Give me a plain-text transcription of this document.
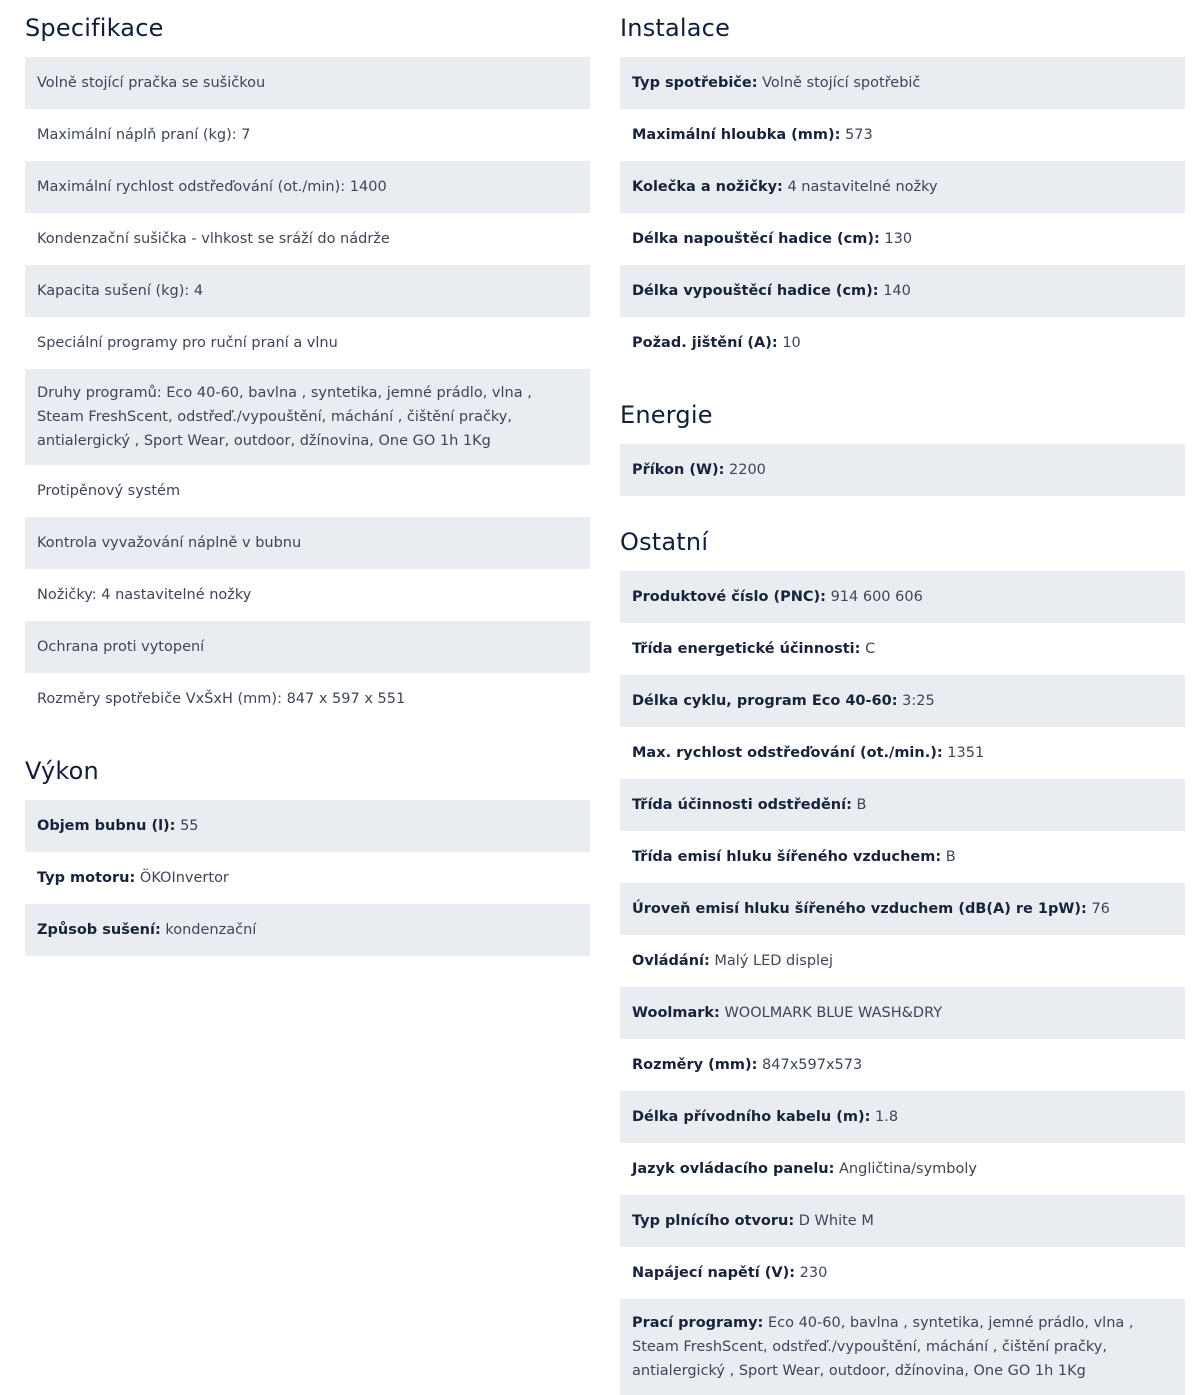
Specifikace
Volně stojící pračka se sušičkou
Maximální náplň praní (kg): 7
Maximální rychlost odstřeďování (ot./min): 1400
Kondenzační sušička - vlhkost se sráží do nádrže
Kapacita sušení (kg): 4
Speciální programy pro ruční praní a vlnu
Druhy programů: Eco 40-60, bavlna , syntetika, jemné prádlo, vlna , Steam FreshScent, odstřeď./vypouštění, máchání , čištění pračky, antialergický , Sport Wear, outdoor, džínovina, One GO 1h 1Kg
Protipěnový systém
Kontrola vyvažování náplně v bubnu
Nožičky: 4 nastavitelné nožky
Ochrana proti vytopení
Rozměry spotřebiče VxŠxH (mm): 847 x 597 x 551
Výkon
Objem bubnu (l): 55
Typ motoru: ÖKOInvertor
Způsob sušení: kondenzační
Instalace
Typ spotřebiče: Volně stojící spotřebič
Maximální hloubka (mm): 573
Kolečka a nožičky: 4 nastavitelné nožky
Délka napouštěcí hadice (cm): 130
Délka vypouštěcí hadice (cm): 140
Požad. jištění (A): 10
Energie
Příkon (W): 2200
Ostatní
Produktové číslo (PNC): 914 600 606
Třída energetické účinnosti: C
Délka cyklu, program Eco 40-60: 3:25
Max. rychlost odstřeďování (ot./min.): 1351
Třída účinnosti odstředění: B
Třída emisí hluku šířeného vzduchem: B
Úroveň emisí hluku šířeného vzduchem (dB(A) re 1pW): 76
Ovládání: Malý LED displej
Woolmark: WOOLMARK BLUE WASH&DRY
Rozměry (mm): 847x597x573
Délka přívodního kabelu (m): 1.8
Jazyk ovládacího panelu: Angličtina/symboly
Typ plnícího otvoru: D White M
Napájecí napětí (V): 230
Prací programy: Eco 40-60, bavlna , syntetika, jemné prádlo, vlna , Steam FreshScent, odstřeď./vypouštění, máchání , čištění pračky, antialergický , Sport Wear, outdoor, džínovina, One GO 1h 1Kg
